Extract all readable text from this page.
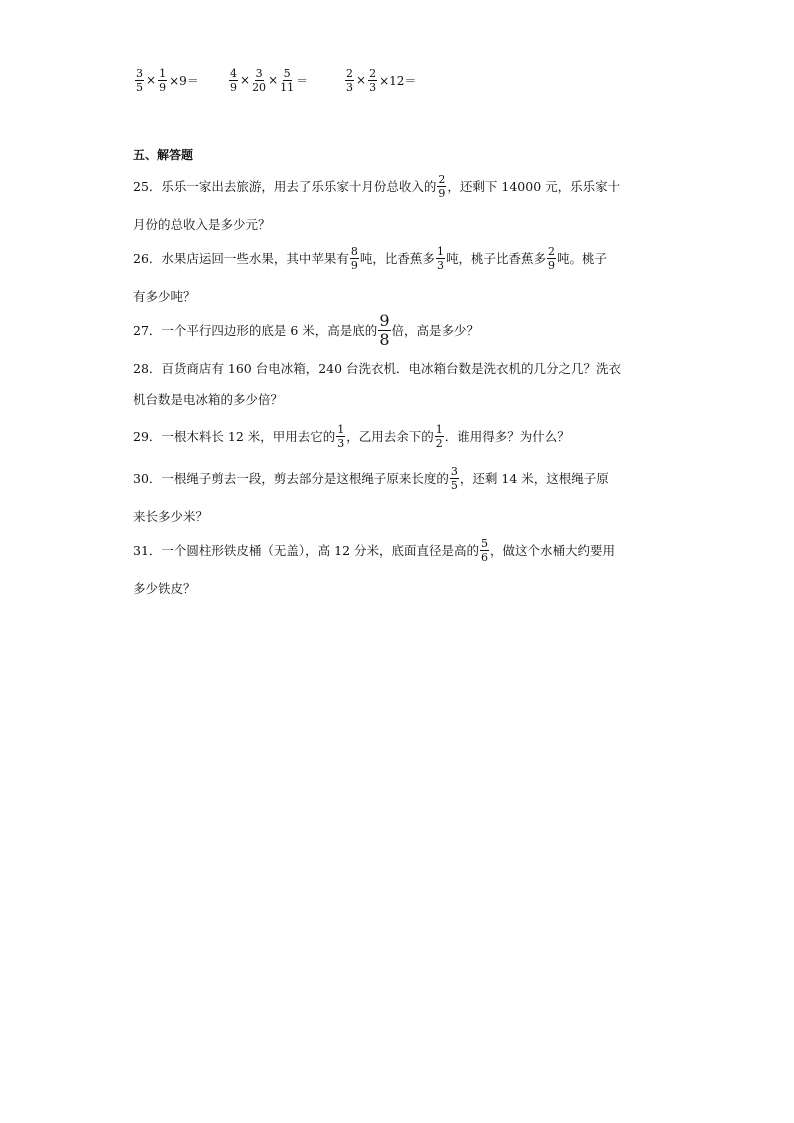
$\frac{3}{5} \times \frac{1}{9} \times 9=$	$\frac{4}{9} \times \frac{3}{20} \times \frac{5}{11}$ ＝	$\frac{2}{3} \times \frac{2}{3} \times 12=$
五、解答题
25．乐乐一家出去旅游，用去了乐乐家十月份总收入的 $\frac{2}{9}$ ，还剩下 14000 元，乐乐家十
月份的总收入是多少元？
26．水果店运回一些水果，其中苹果有 $\frac{8}{9}$ 吨，比香蕉多 $\frac{1}{3}$ 吨，桃子比香蕉多 $\frac{2}{9}$ 吨。桃子
有多少吨？
27．一个平行四边形的底是 6 米，高是底的 $\frac{9}{8}$ 倍，高是多少？
28．百货商店有 160 台电冰箱，240 台洗衣机．电冰箱台数是洗衣机的几分之几？洗衣
机台数是电冰箱的多少倍？
29．一根木料长 12 米，甲用去它的 $\frac{1}{3}$ ，乙用去余下的 $\frac{1}{2}$ ．谁用得多？为什么？
30．一根绳子剪去一段，剪去部分是这根绳子原来长度的 $\frac{3}{5}$ ，还剩 14 米，这根绳子原
来长多少米？
31．一个圆柱形铁皮桶（无盖），高 12 分米，底面直径是高的 $\frac{5}{6}$ ，做这个水桶大约要用
多少铁皮？
